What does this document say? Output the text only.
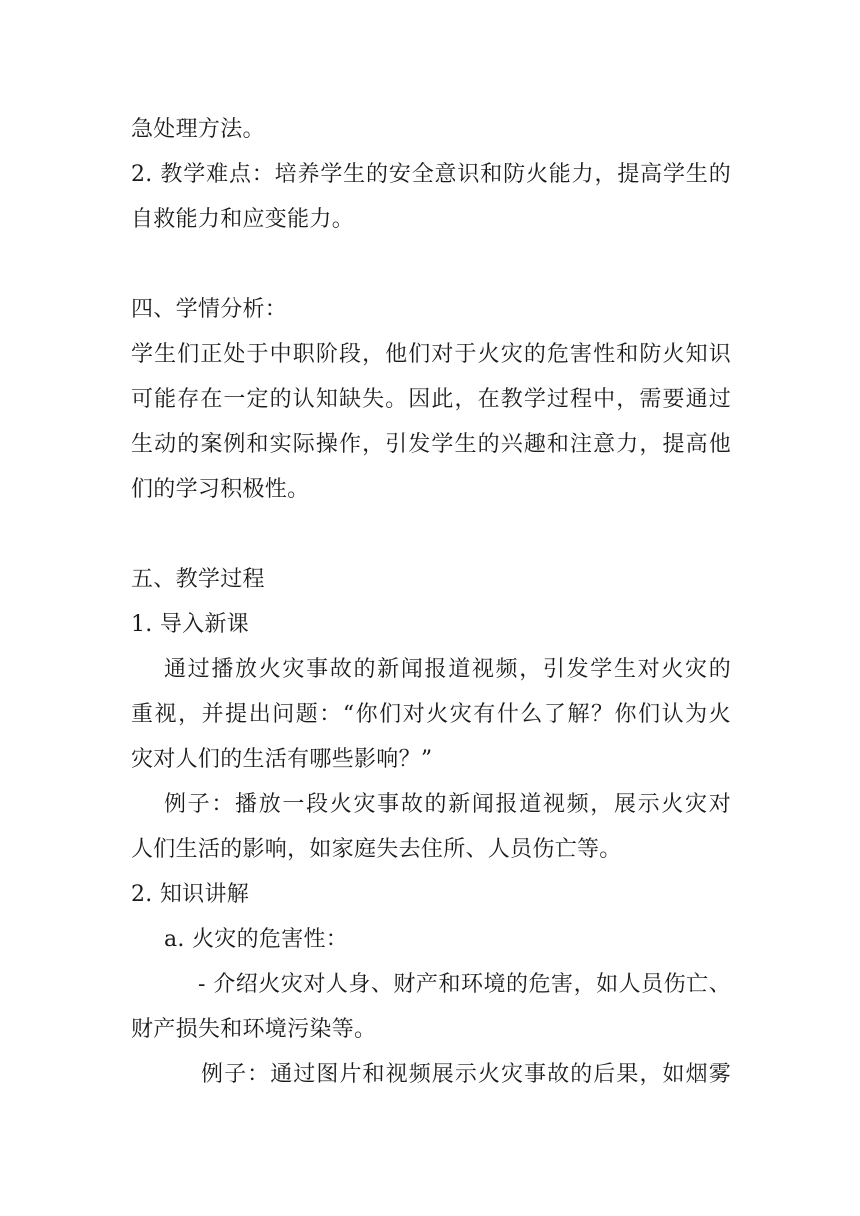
急处理方法。
2. 教学难点：培养学生的安全意识和防火能力，提高学生的
自救能力和应变能力。
四、学情分析：
学生们正处于中职阶段，他们对于火灾的危害性和防火知识
可能存在一定的认知缺失。因此，在教学过程中，需要通过
生动的案例和实际操作，引发学生的兴趣和注意力，提高他
们的学习积极性。
五、教学过程
1. 导入新课
通过播放火灾事故的新闻报道视频，引发学生对火灾的
重视，并提出问题：“你们对火灾有什么了解？你们认为火
灾对人们的生活有哪些影响？”
例子：播放一段火灾事故的新闻报道视频，展示火灾对
人们生活的影响，如家庭失去住所、人员伤亡等。
2. 知识讲解
a. 火灾的危害性：
- 介绍火灾对人身、财产和环境的危害，如人员伤亡、
财产损失和环境污染等。
例子：通过图片和视频展示火灾事故的后果，如烟雾
